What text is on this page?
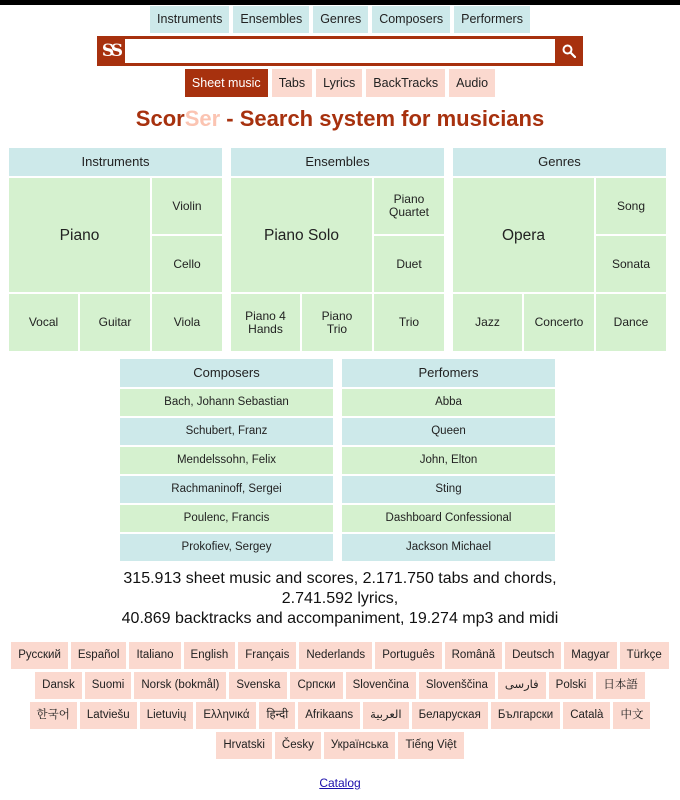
Instruments	Ensembles	Genres	Composers	Performers
SS
Sheet music	Tabs	Lyrics	BackTracks	Audio
ScorSer - Search system for musicians
Instruments
Piano
Violin
Cello
Vocal	Guitar	Viola
Ensembles
Piano Solo
Piano Quartet
Duet
Piano 4 Hands
Piano Trio	Trio
Genres
Opera
Song
Sonata
Jazz	Concerto	Dance
Composers
Bach, Johann Sebastian
Schubert, Franz
Mendelssohn, Felix
Rachmaninoff, Sergei
Poulenc, Francis
Prokofiev, Sergey
Perfomers
Abba
Queen
John, Elton
Sting
Dashboard Confessional
Jackson Michael
315.913 sheet music and scores, 2.171.750 tabs and chords,
2.741.592 lyrics,
40.869 backtracks and accompaniment, 19.274 mp3 and midi
Русский	Español	Italiano	English	Français	Nederlands	Português	Română	Deutsch	Magyar	Türkçe
Dansk	Suomi	Norsk (bokmål)	Svenska	Српски	Slovenčina	Slovenščina	فارسی	Polski	日本語
한국어	Latviešu	Lietuvių	Ελληνικά	हिन्दी	Afrikaans	العربية	Беларуская	Български	Català	中文
Hrvatski	Česky	Українська	Tiếng Việt
Catalog
